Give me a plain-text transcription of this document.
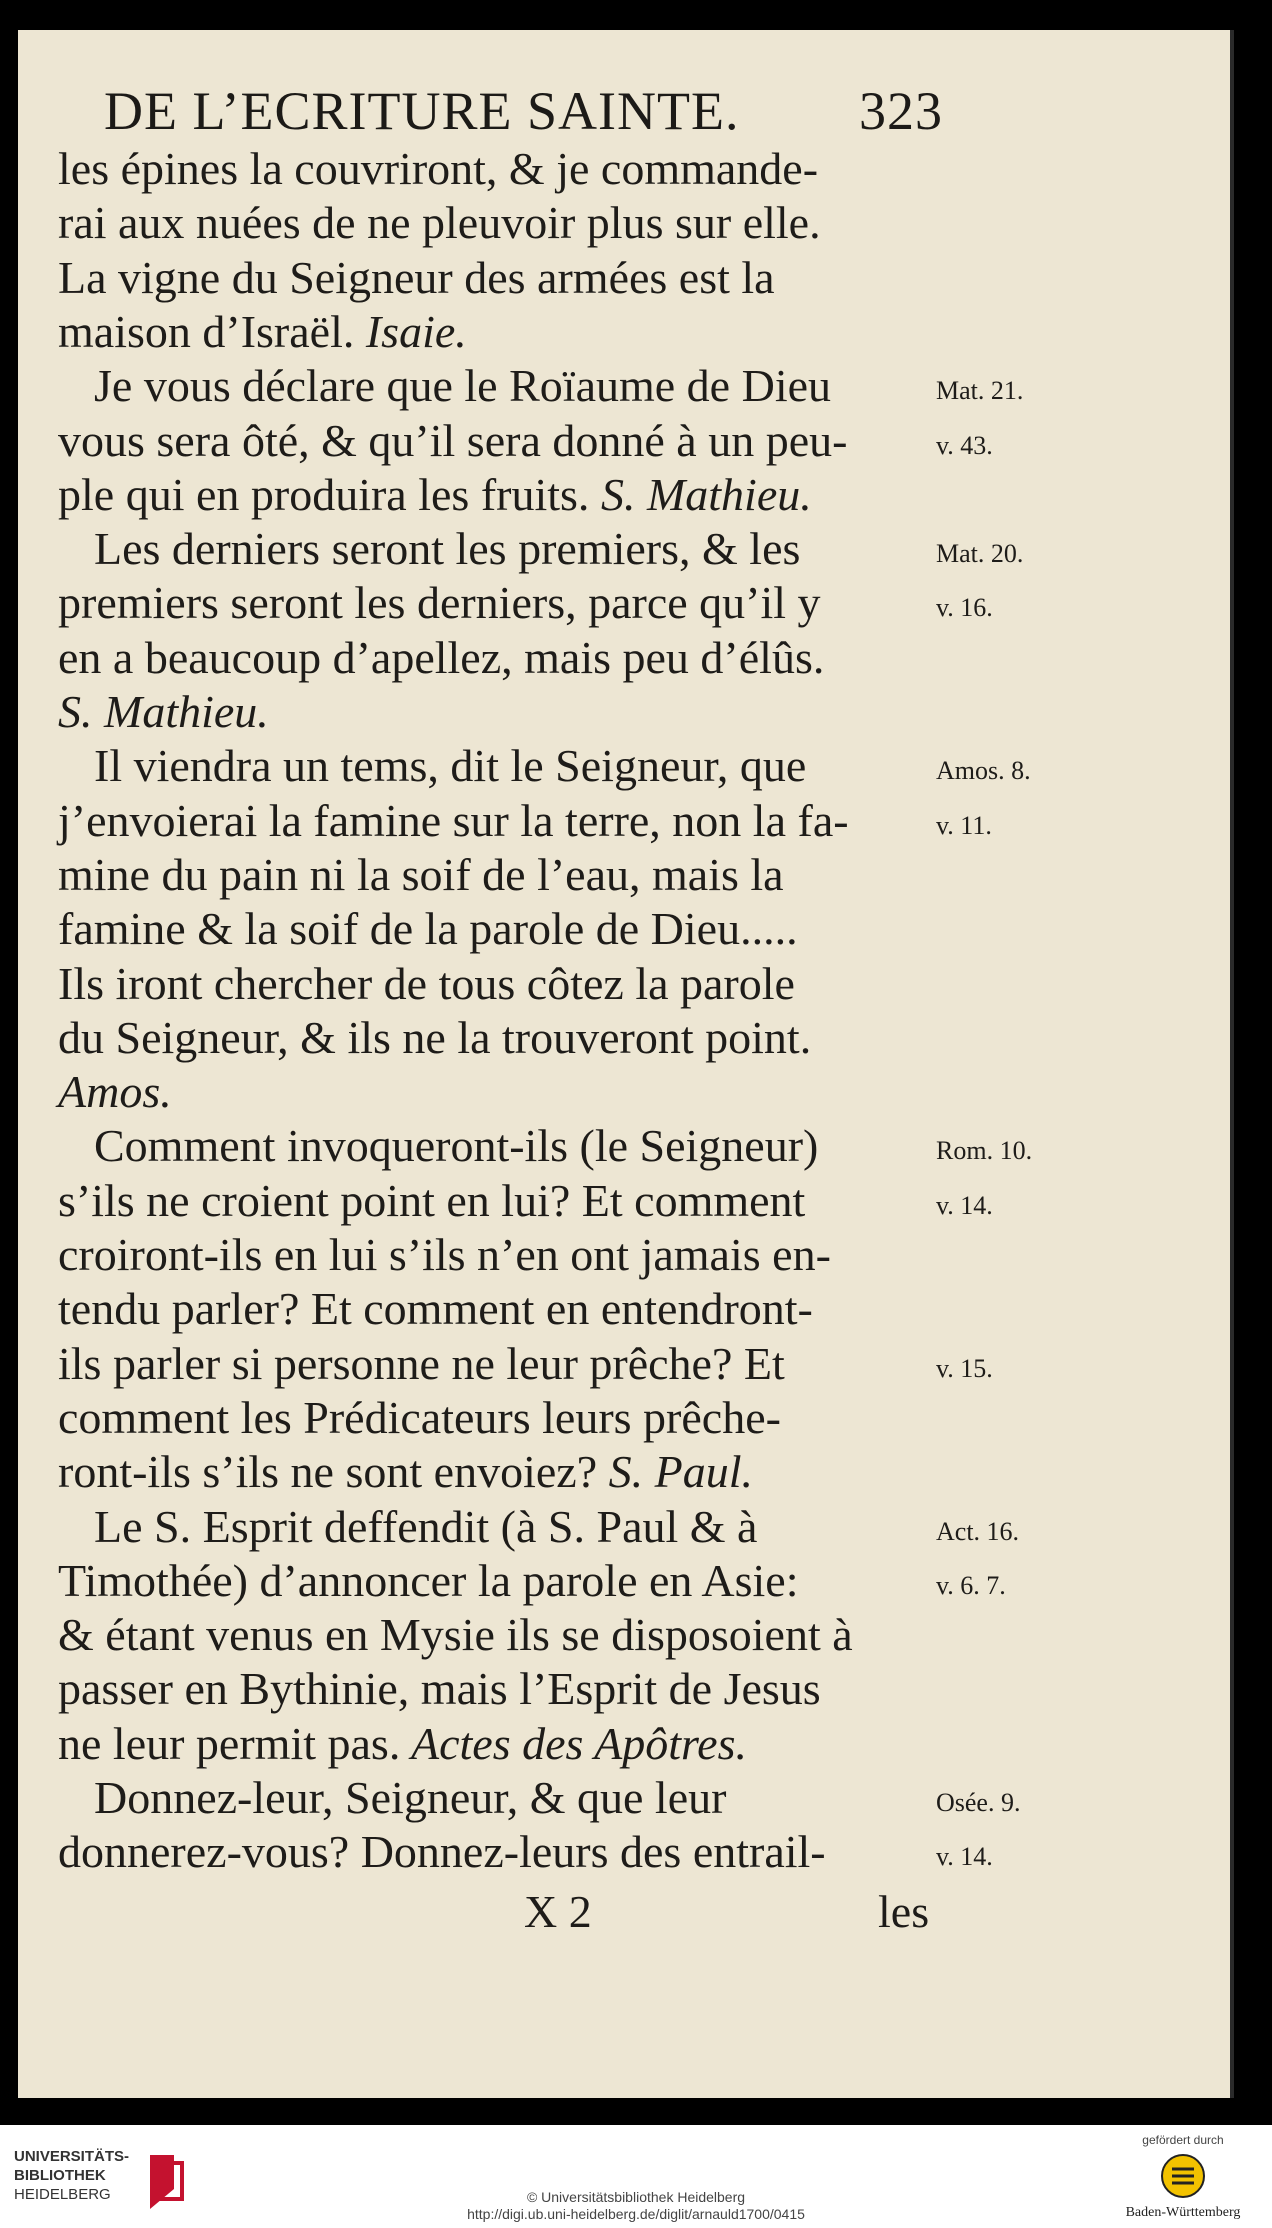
DE L’ECRITURE SAINTE. 323
les épines la couvriront, & je commande-
rai aux nuées de ne pleuvoir plus sur elle.
La vigne du Seigneur des armées est la
maison d’Israël. Isaie.
Je vous déclare que le Roïaume de Dieu
vous sera ôté, & qu’il sera donné à un peu-
ple qui en produira les fruits. S. Mathieu.
Les derniers seront les premiers, & les
premiers seront les derniers, parce qu’il y
en a beaucoup d’apellez, mais peu d’élûs.
S. Mathieu.
Il viendra un tems, dit le Seigneur, que
j’envoierai la famine sur la terre, non la fa-
mine du pain ni la soif de l’eau, mais la
famine & la soif de la parole de Dieu.....
Ils iront chercher de tous côtez la parole
du Seigneur, & ils ne la trouveront point.
Amos.
Comment invoqueront-ils (le Seigneur)
s’ils ne croient point en lui? Et comment
croiront-ils en lui s’ils n’en ont jamais en-
tendu parler? Et comment en entendront-
ils parler si personne ne leur prêche? Et
comment les Prédicateurs leurs prêche-
ront-ils s’ils ne sont envoiez? S. Paul.
Le S. Esprit deffendit (à S. Paul & à
Timothée) d’annoncer la parole en Asie:
& étant venus en Mysie ils se disposoient à
passer en Bythinie, mais l’Esprit de Jesus
ne leur permit pas. Actes des Apôtres.
Donnez-leur, Seigneur, & que leur
donnerez-vous? Donnez-leurs des entrail-
Mat. 21.
v. 43.
Mat. 20.
v. 16.
Amos. 8.
v. 11.
Rom. 10.
v. 14.
v. 15.
Act. 16.
v. 6. 7.
Osée. 9.
v. 14.
X 2	les
UNIVERSITÄTS-
BIBLIOTHEK
HEIDELBERG	© Universitätsbibliothek Heidelberg
http://digi.ub.uni-heidelberg.de/diglit/arnauld1700/0415
gefördert durch
Baden-Württemberg
